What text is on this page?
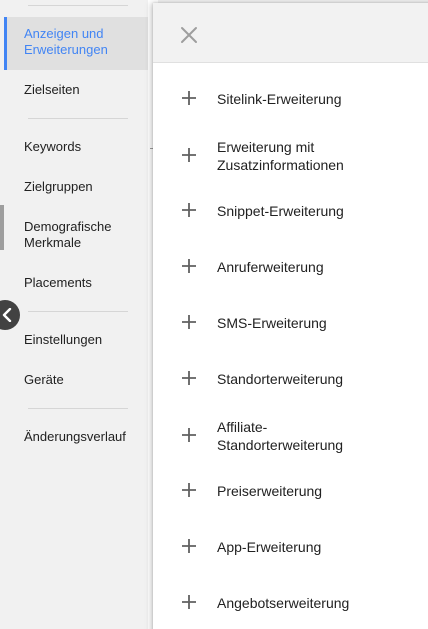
Anzeigen und
Erweiterungen
Zielseiten
Keywords
Zielgruppen
Demografische
Merkmale
Placements
Einstellungen
Geräte
Änderungsverlauf
Sitelink-Erweiterung
Erweiterung mit Zusatzinformationen
Snippet-Erweiterung
Anruferweiterung
SMS-Erweiterung
Standorterweiterung
Affiliate-Standorterweiterung
Preiserweiterung
App-Erweiterung
Angebotserweiterung
